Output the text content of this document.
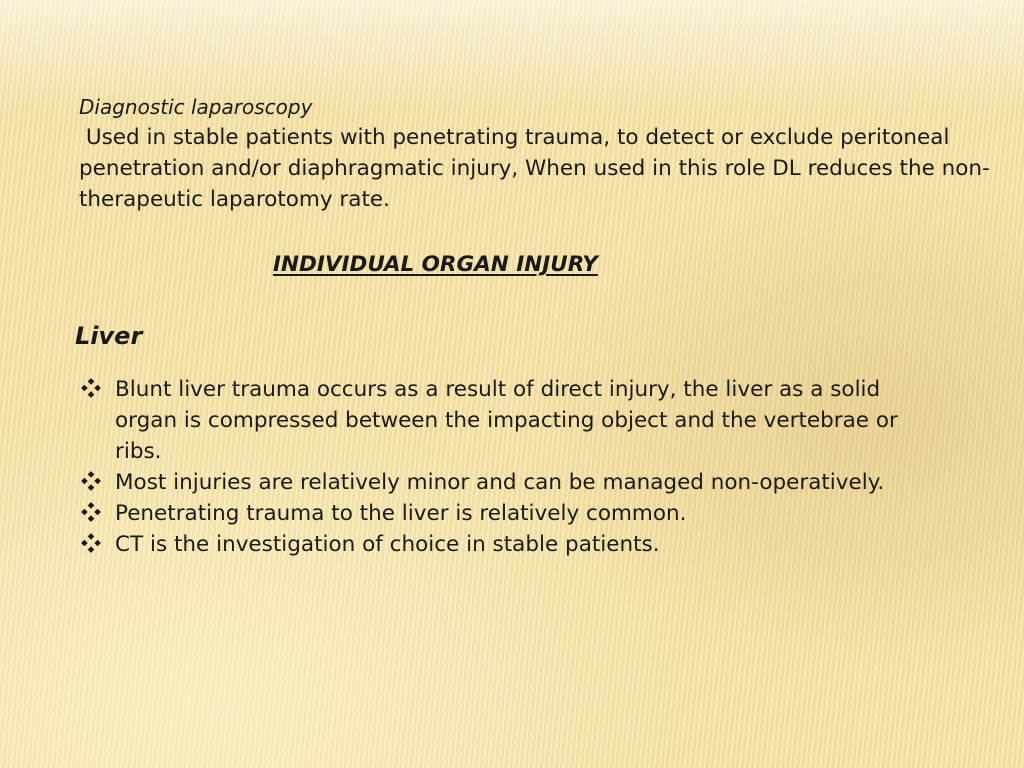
Diagnostic laparoscopy
Used in stable patients with penetrating trauma, to detect or exclude peritoneal penetration and/or diaphragmatic injury, When used in this role DL reduces the non-therapeutic laparotomy rate.
INDIVIDUAL ORGAN INJURY
Liver
Blunt liver trauma occurs as a result of direct injury, the liver as a solid organ is compressed between the impacting object and the vertebrae or ribs.
Most injuries are relatively minor and can be managed non-operatively.
Penetrating trauma to the liver is relatively common.
CT is the investigation of choice in stable patients.
